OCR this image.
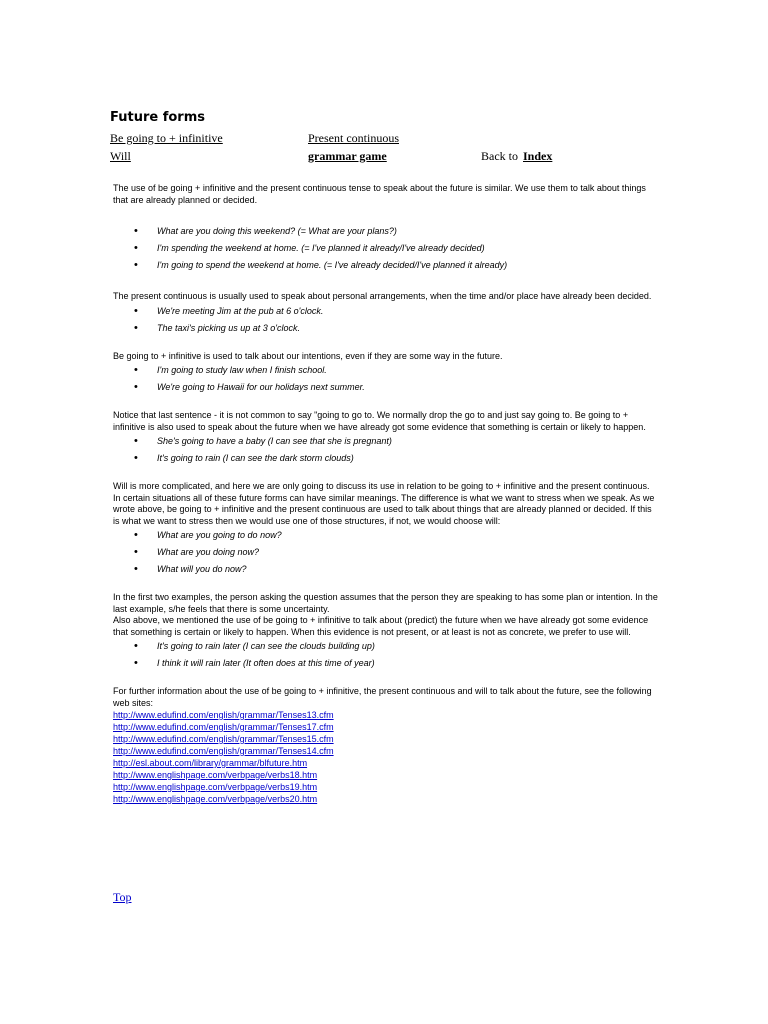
Future forms
Be going to + infinitive	Present continuous
Will	grammar game	Back to Index

The use of be going + infinitive and the present continuous tense to speak about the future is similar. We use them to talk about things that are already planned or decided.

• What are you doing this weekend? (= What are your plans?)
• I'm spending the weekend at home. (= I've planned it already/I've already decided)
• I'm going to spend the weekend at home. (= I've already decided/I've planned it already)

The present continuous is usually used to speak about personal arrangements, when the time and/or place have already been decided.

• We're meeting Jim at the pub at 6 o'clock.
• The taxi's picking us up at 3 o'clock.

Be going to + infinitive is used to talk about our intentions, even if they are some way in the future.

• I'm going to study law when I finish school.
• We're going to Hawaii for our holidays next summer.

Notice that last sentence - it is not common to say "going to go to. We normally drop the go to and just say going to. Be going to + infinitive is also used to speak about the future when we have already got some evidence that something is certain or likely to happen.

• She's going to have a baby (I can see that she is pregnant)
• It's going to rain (I can see the dark storm clouds)

Will is more complicated, and here we are only going to discuss its use in relation to be going to + infinitive and the present continuous.

In certain situations all of these future forms can have similar meanings. The difference is what we want to stress when we speak. As we wrote above, be going to + infinitive and the present continuous are used to talk about things that are already planned or decided. If this is what we want to stress then we would use one of those structures, if not, we would choose will:

• What are you going to do now?
• What are you doing now?
• What will you do now?

In the first two examples, the person asking the question assumes that the person they are speaking to has some plan or intention. In the last example, s/he feels that there is some uncertainty.

Also above, we mentioned the use of be going to + infinitive to talk about (predict) the future when we have already got some evidence that something is certain or likely to happen. When this evidence is not present, or at least is not as concrete, we prefer to use will.

• It's going to rain later (I can see the clouds building up)
• I think it will rain later (It often does at this time of year)

For further information about the use of be going to + infinitive, the present continuous and will to talk about the future, see the following web sites:

http://www.edufind.com/english/grammar/Tenses13.cfm
http://www.edufind.com/english/grammar/Tenses17.cfm
http://www.edufind.com/english/grammar/Tenses15.cfm
http://www.edufind.com/english/grammar/Tenses14.cfm
http://esl.about.com/library/grammar/blfuture.htm
http://www.englishpage.com/verbpage/verbs18.htm
http://www.englishpage.com/verbpage/verbs19.htm
http://www.englishpage.com/verbpage/verbs20.htm
Top
